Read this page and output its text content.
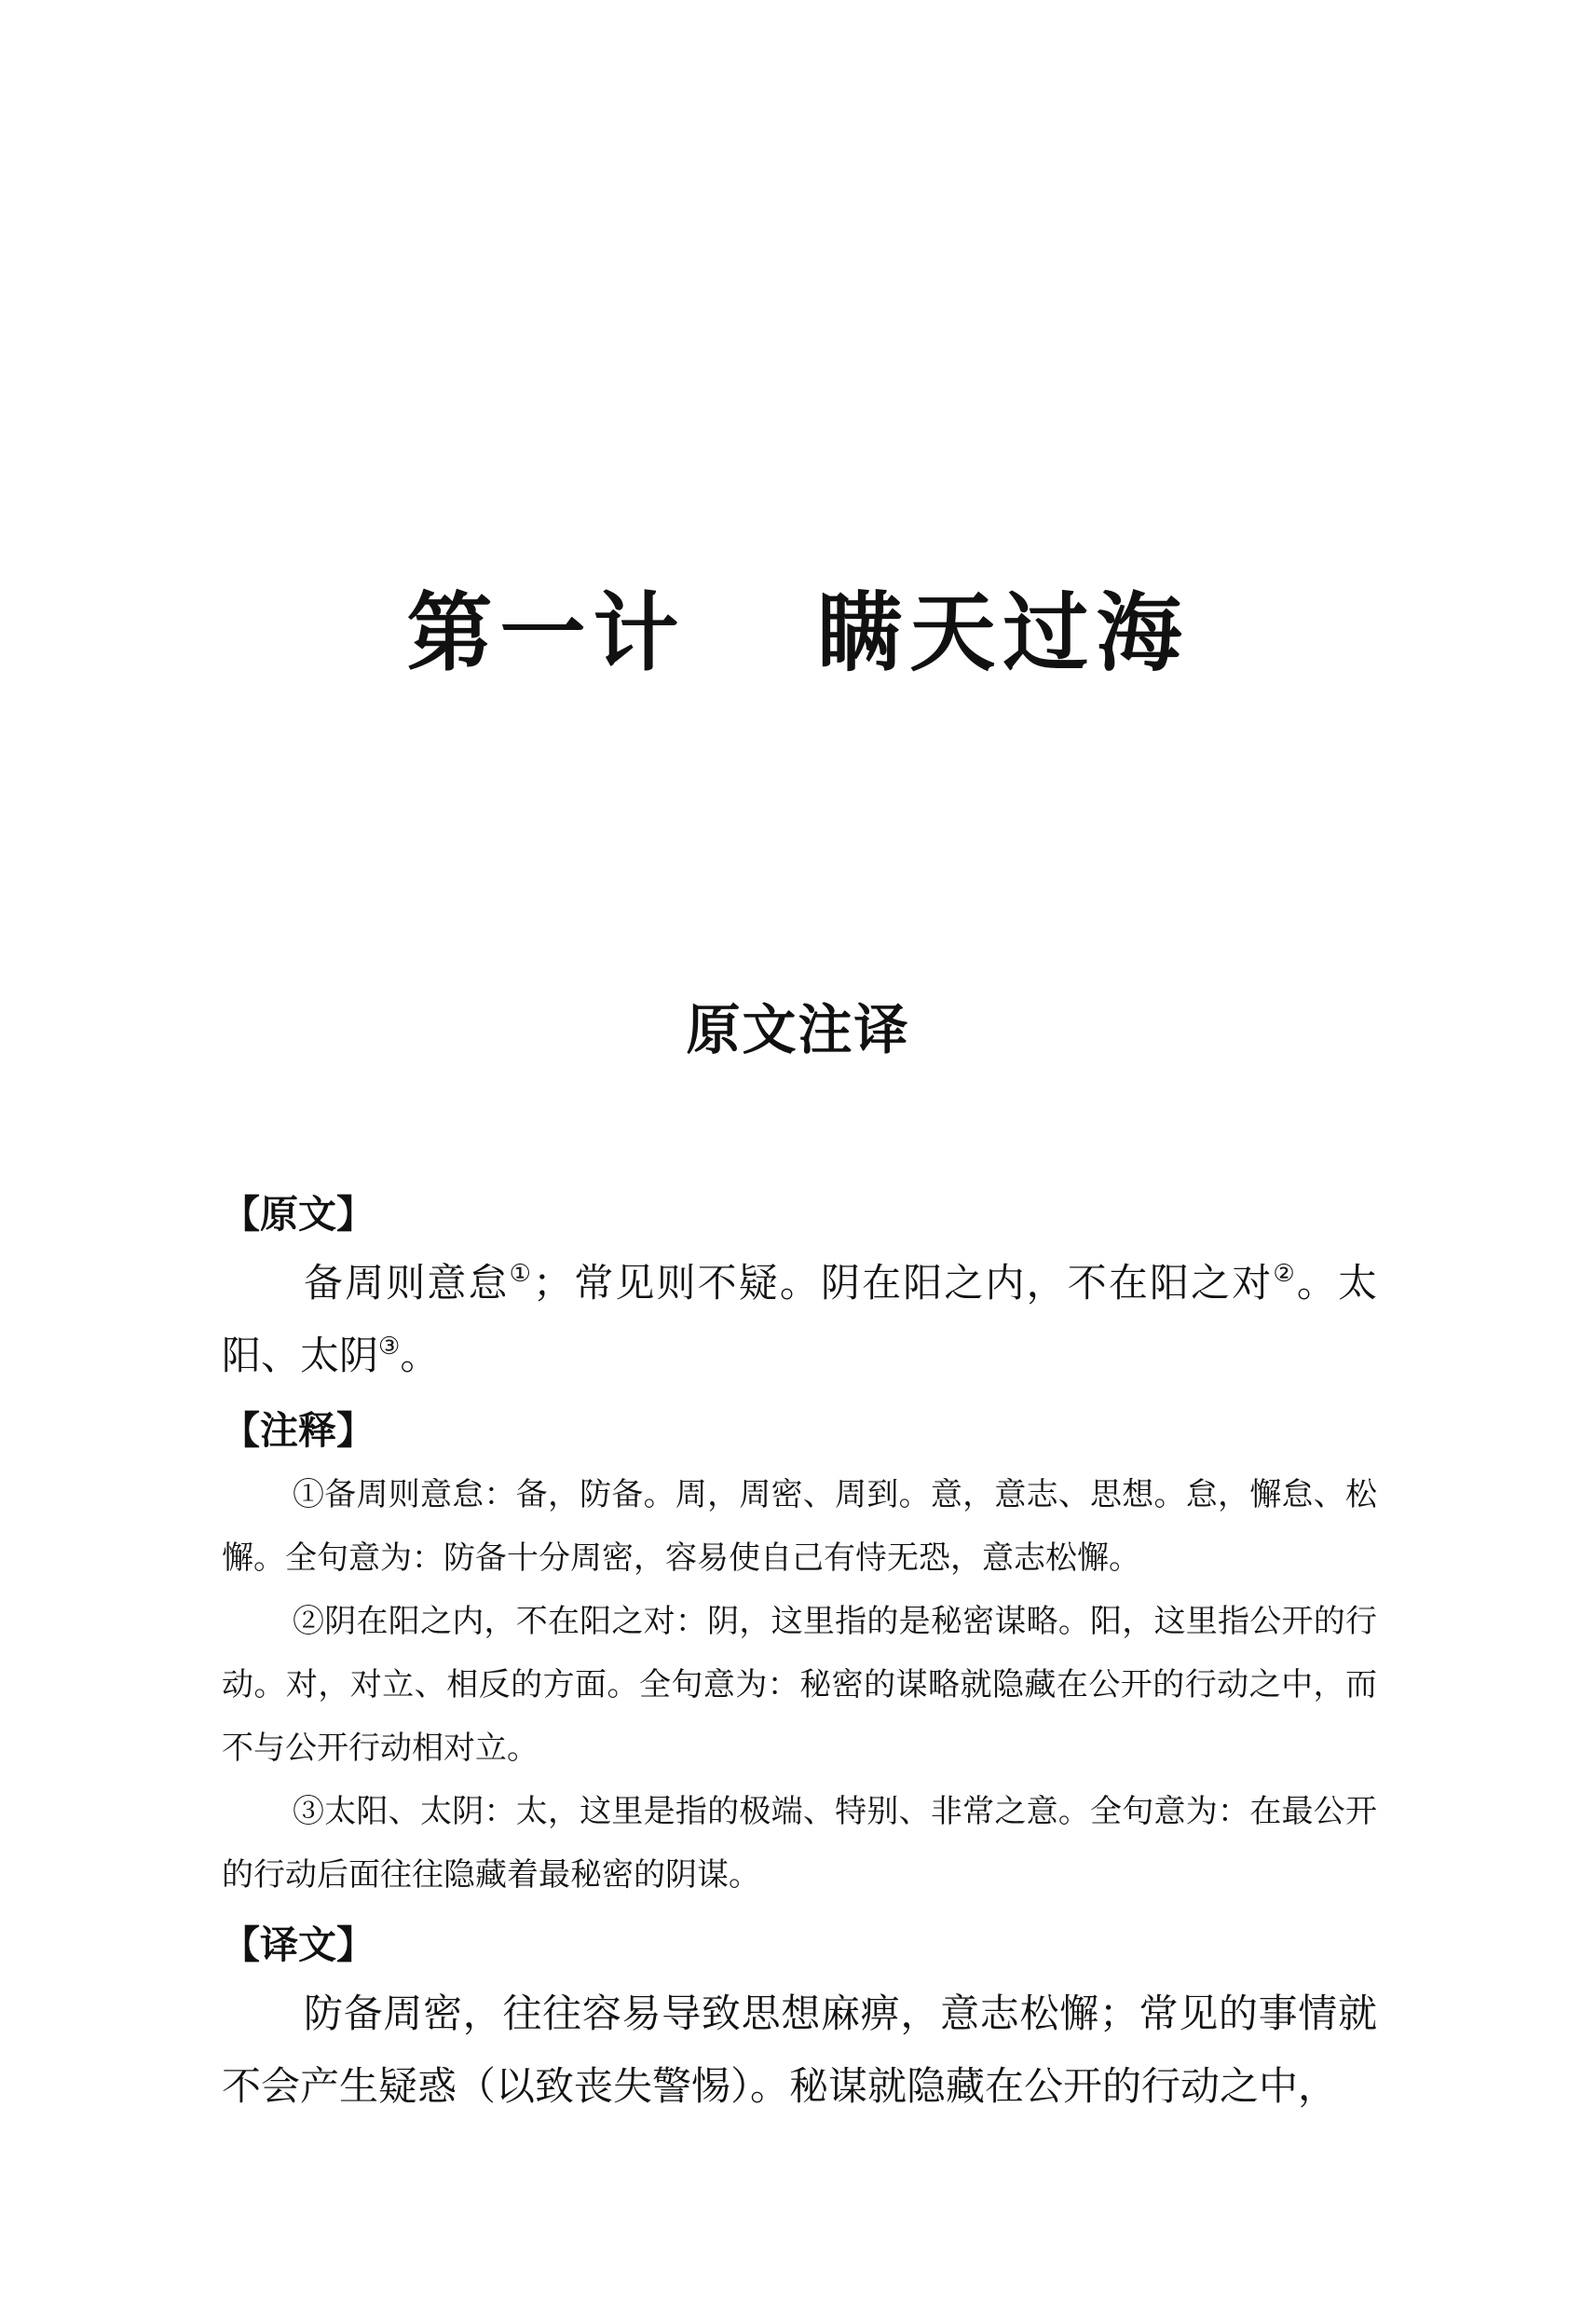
第一计　 瞒天过海
原文注译

【原文】

备周则意怠①；常见则不疑。阴在阳之内，不在阳之对②。太阳、太阴③。

【注释】

①备周则意怠：备，防备。周，周密、周到。意，意志、思想。怠，懈怠、松懈。全句意为：防备十分周密，容易使自己有恃无恐，意志松懈。

②阴在阳之内，不在阳之对：阴，这里指的是秘密谋略。阳，这里指公开的行动。对，对立、相反的方面。全句意为：秘密的谋略就隐藏在公开的行动之中，而不与公开行动相对立。

③太阳、太阴：太，这里是指的极端、特别、非常之意。全句意为：在最公开的行动后面往往隐藏着最秘密的阴谋。

【译文】

防备周密，往往容易导致思想麻痹，意志松懈；常见的事情就不会产生疑惑（以致丧失警惕）。秘谋就隐藏在公开的行动之中，
